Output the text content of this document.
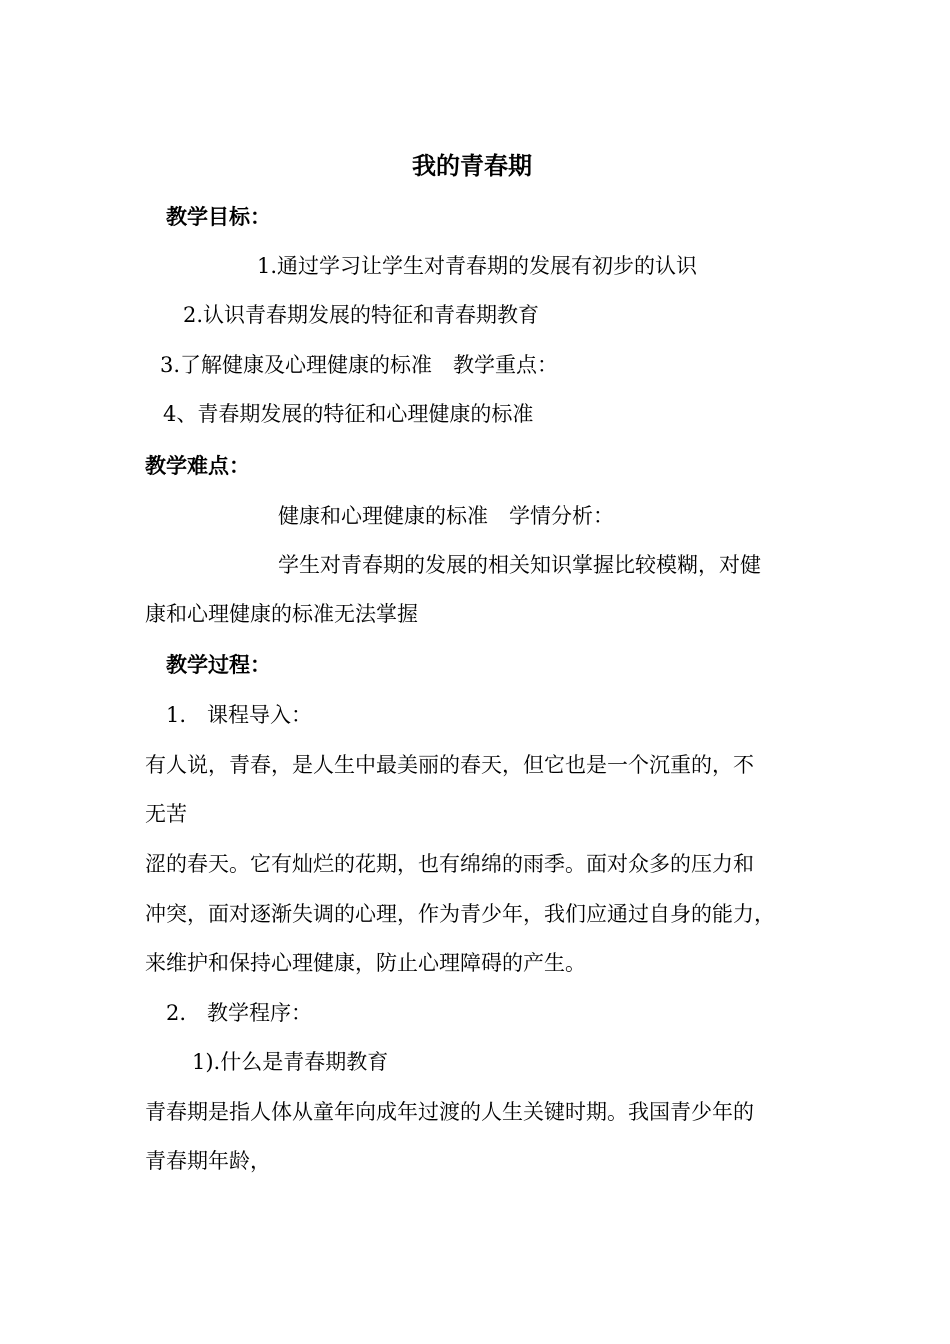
我的青春期
教学目标：
1.通过学习让学生对青春期的发展有初步的认识
2.认识青春期发展的特征和青春期教育
3.了解健康及心理健康的标准　教学重点：
4、青春期发展的特征和心理健康的标准
教学难点：
健康和心理健康的标准　学情分析：
学生对青春期的发展的相关知识掌握比较模糊，对健
康和心理健康的标准无法掌握
教学过程：
1.　课程导入：
有人说，青春，是人生中最美丽的春天，但它也是一个沉重的，不
无苦
涩的春天。它有灿烂的花期，也有绵绵的雨季。面对众多的压力和
冲突，面对逐渐失调的心理，作为青少年，我们应通过自身的能力，
来维护和保持心理健康，防止心理障碍的产生。
2.　教学程序：
1).什么是青春期教育
青春期是指人体从童年向成年过渡的人生关键时期。我国青少年的
青春期年龄，
